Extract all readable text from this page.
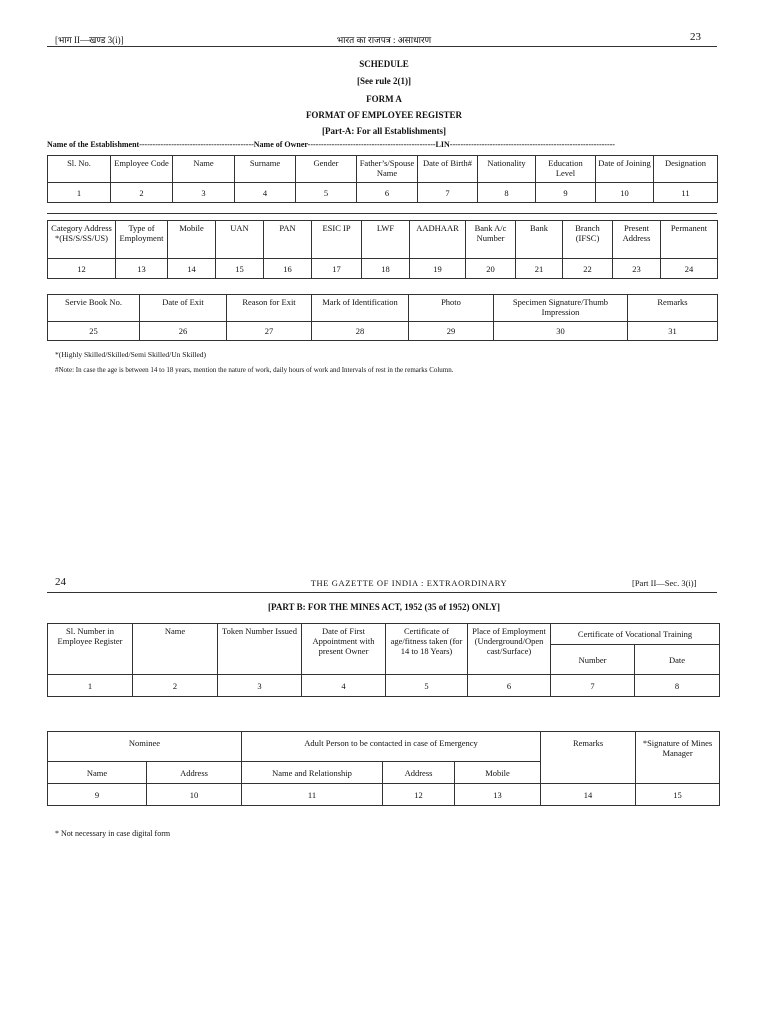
[भाग II—खण्ड 3(i)]	भारत का राजपत्र : असाधारण	23
SCHEDULE
[See rule 2(1)]
FORM A
FORMAT OF EMPLOYEE REGISTER
[Part-A: For all Establishments]
Name of the Establishment-------------------------------------------Name of Owner------------------------------------------------LIN--------------------------------------------------------------
Sl. No.	Employee Code	Name	Surname	Gender	Father’s/Spouse Name	Date of Birth#	Nationality	Education Level	Date of Joining	Designation
1	2	3	4	5	6	7	8	9	10	11
Category Address *(HS/S/SS/US)	Type of Employment	Mobile	UAN	PAN	ESIC IP	LWF	AADHAAR	Bank A/c Number	Bank	Branch (IFSC)	Present Address	Permanent
12	13	14	15	16	17	18	19	20	21	22	23	24
Servie Book No.	Date of Exit	Reason for Exit	Mark of Identification	Photo	Specimen Signature/Thumb Impression	Remarks
25	26	27	28	29	30	31
*(Highly Skilled/Skilled/Semi Skilled/Un Skilled)
#Note: In case the age is between 14 to 18 years, mention the nature of work, daily hours of work and Intervals of rest in the remarks Column.
24	THE GAZETTE OF INDIA : EXTRAORDINARY	[Part II—Sec. 3(i)]
[PART B: FOR THE MINES ACT, 1952 (35 of 1952) ONLY]
Sl. Number in Employee Register	Name	Token Number Issued	Date of First Appointment with present Owner	Certificate of age/fitness taken (for 14 to 18 Years)	Place of Employment (Underground/Open cast/Surface)	Certificate of Vocational Training	
						Number	Date
1	2	3	4	5	6	7	8
Nominee		Adult Person to be contacted in case of Emergency			Remarks	*Signature of Mines Manager
Name	Address	Name and Relationship	Address	Mobile		
9	10	11	12	13	14	15
* Not necessary in case digital form
